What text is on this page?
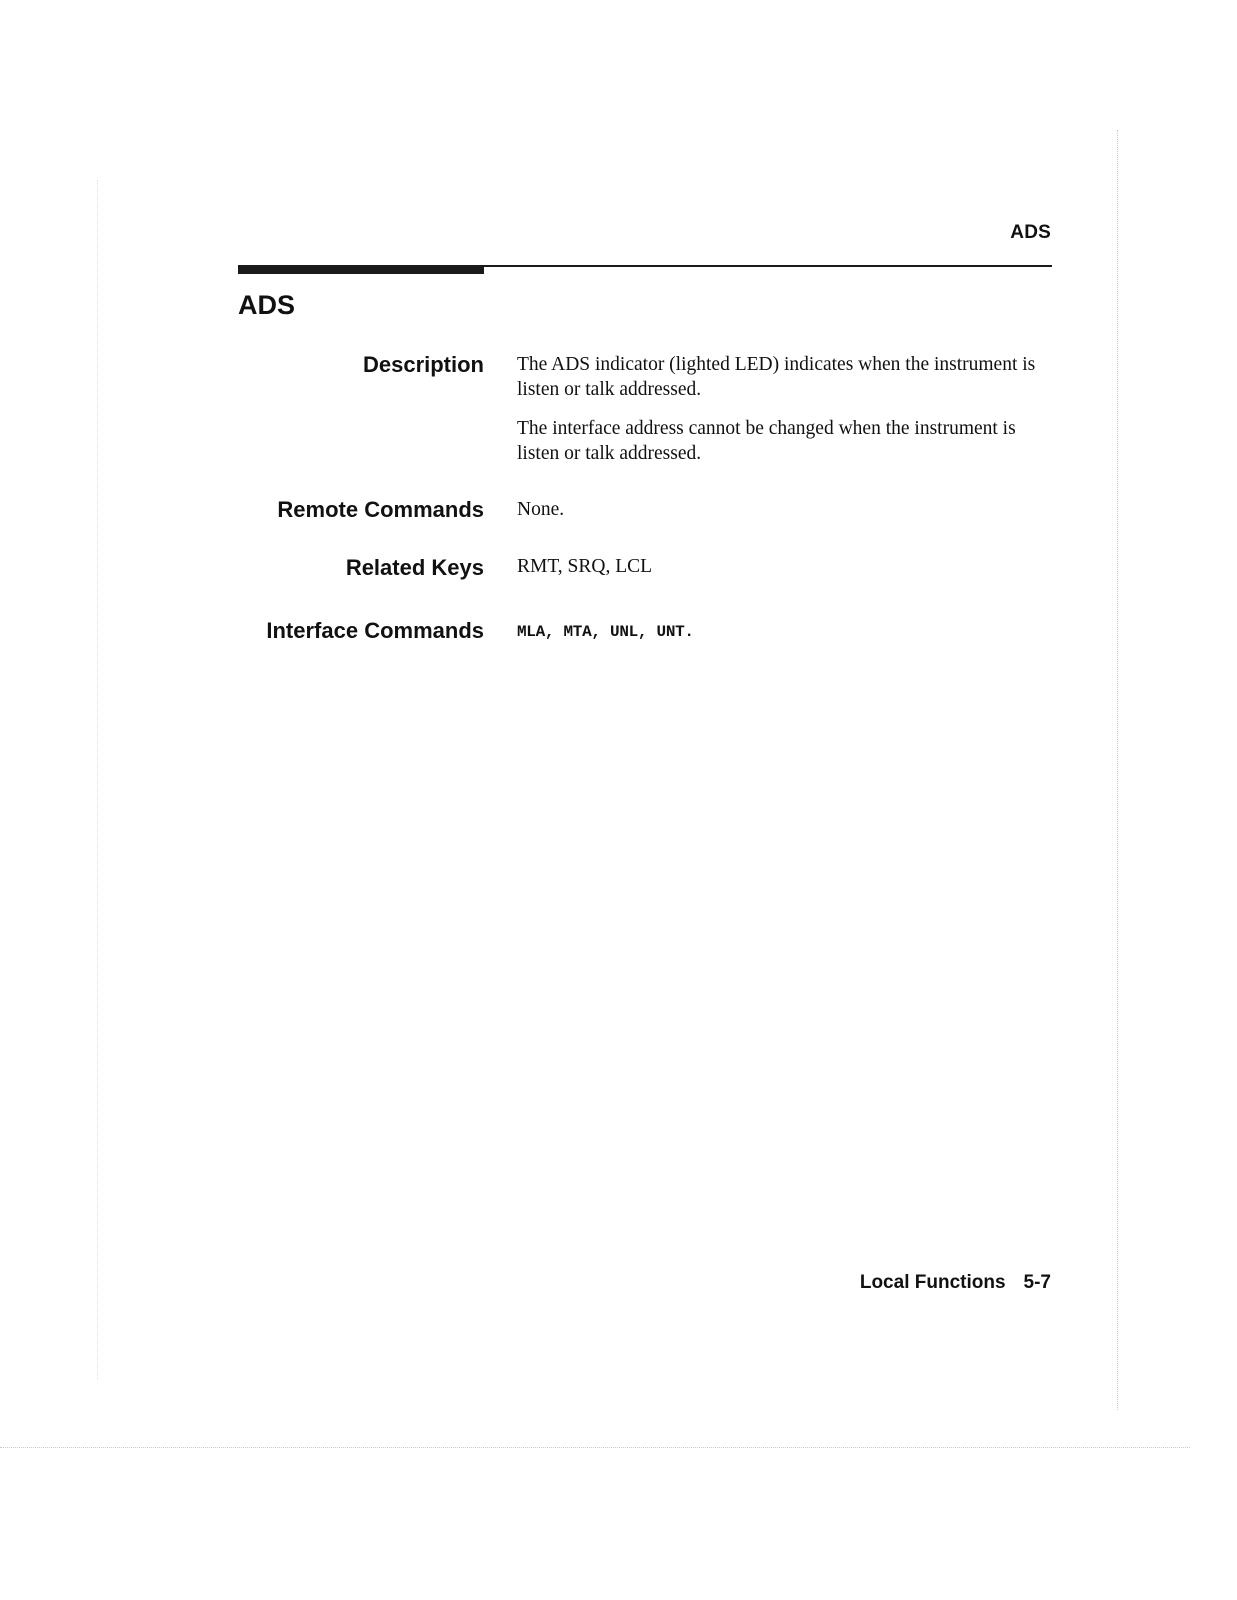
ADS
ADS
Description The ADS indicator (lighted LED) indicates when the instrument is listen or talk addressed.

The interface address cannot be changed when the instrument is listen or talk addressed.

Remote Commands None.
Related Keys RMT, SRQ, LCL
Interface Commands MLA, MTA, UNL, UNT.
Local Functions 5-7
